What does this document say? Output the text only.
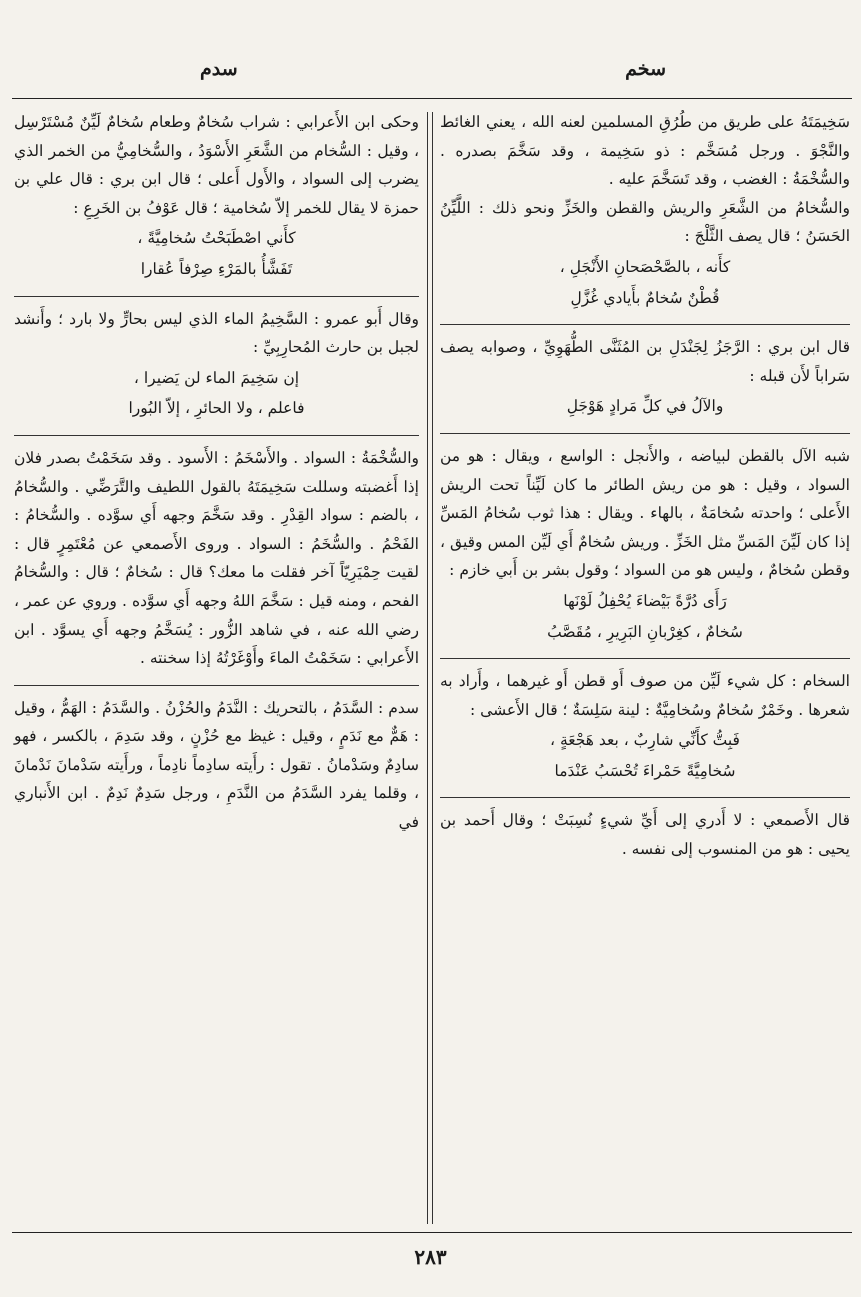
سخم
سدم

سَخِيمَتَهُ على طريق من طُرُقِ المسلمين لعنه الله ، يعني الغائط والنَّجْوَ . ورجل مُسَخَّم : ذو سَخِيمة ، وقد سَخَّمَ بصدره . والسُّخْمَةُ : الغضب ، وقد تَسَخَّمَ عليه .

والسُّخامُ من الشَّعَرِ والريش والقطن والخَزِّ ونحو ذلك : اللَّيِّنُ الحَسَنُ ؛ قال يصف الثَّلْجَ :

كأَنه ، بالصَّحْصَحانِ الأَنْجَلِ ،

قُطْنٌ سُخامٌ بأَيادي غُزَّلِ

قال ابن بري : الرَّجَزُ لِجَنْدَلِ بن المُثَنَّى الطُّهَوِيِّ ، وصوابه يصف سَراباً لأَن قبله :

والآلُ في كلِّ مَرادٍ هَوْجَلِ

شبه الآل بالقطن لبياضه ، والأَنجل : الواسع ، ويقال : هو من السواد ، وقيل : هو من ريش الطائر ما كان لَيِّناً تحت الريش الأَعلى ؛ واحدته سُخامَةٌ ، بالهاء . ويقال : هذا ثوب سُخامُ المَسِّ إذا كان لَيِّنَ المَسِّ مثل الخَزِّ . وريش سُخامٌ أَي لَيِّن المس وقيق ، وقطن سُخامٌ ، وليس هو من السواد ؛ وقول بشر بن أَبي خازم :

رَأَى دُرَّةً بَيْضاءَ يُحْفِلُ لَوْنَها

سُخامٌ ، كغِرْبانِ البَرِيرِ ، مُقَصَّبُ

السخام : كل شيء لَيِّن من صوف أَو قطن أَو غيرهما ، وأَراد به شعرها . وخَمْرٌ سُخامٌ وسُخامِيَّةٌ : لينة سَلِسَةٌ ؛ قال الأَعشى :

فَبِتُّ كأَنِّي شارِبٌ ، بعد هَجْعَةٍ ،

سُخامِيَّةً حَمْراءَ تُحْسَبُ عَنْدَما

قال الأَصمعي : لا أَدري إلى أَيِّ شيءٍ نُسِبَتْ ؛ وقال أَحمد بن يحيى : هو من المنسوب إلى نفسه .

وحكى ابن الأَعرابي : شراب سُخامٌ وطعام سُخامٌ لَيِّنٌ مُسْتَرْسِل ، وقيل : السُّخام من الشَّعَرِ الأَسْوَدُ ، والسُّخامِيُّ من الخمر الذي يضرب إلى السواد ، والأَول أَعلى ؛ قال ابن بري : قال علي بن حمزة لا يقال للخمر إلاّ سُخامية ؛ قال عَوْفُ بن الخَرِعِ :

كأَني اصْطَبَحْتُ سُخامِيَّةً ،

تَفَشَّأُ بالمَرْءِ صِرْفاً عُقارا

وقال أَبو عمرو : السَّخِيمُ الماء الذي ليس بحارٍّ ولا بارد ؛ وأَنشد لجبل بن حارث المُحارِبِيِّ :

إن سَخِيمَ الماء لن يَضيرا ،

فاعلم ، ولا الحائرِ ، إلاّ البُورا

والسُّخْمَةُ : السواد . والأَسْخَمُ : الأَسود . وقد سَخَمْتُ بصدر فلان إذا أَغضبته وسللت سَخِيمَتَهُ بالقول اللطيف والتَّرَضِّي . والسُّخامُ ، بالضم : سواد القِدْرِ . وقد سَخَّمَ وجهه أَي سوَّده . والسُّخامُ : الفَحْمُ . والسُّخَمُ : السواد . وروى الأَصمعي عن مُعْتَمِرٍ قال : لقيت حِمْيَرِيّاً آخر فقلت ما معك؟ قال : سُخامٌ ؛ قال : والسُّخامُ الفحم ، ومنه قيل : سَخَّمَ اللهُ وجهه أَي سوَّده . وروي عن عمر ، رضي الله عنه ، في شاهد الزُّور : يُسَخَّمُ وجهه أَي يسوَّد . ابن الأَعرابي : سَخَمْتُ الماءَ وأَوْغَرْتُهُ إذا سخنته .

سدم : السَّدَمُ ، بالتحريك : النَّدَمُ والحُزْنُ . والسَّدَمُ : الهَمُّ ، وقيل : هَمٌّ مع نَدَمٍ ، وقيل : غيظ مع حُزْنٍ ، وقد سَدِمَ ، بالكسر ، فهو سادِمٌ وسَدْمانُ . تقول : رأَيته سادِماً نادِماً ، ورأَيته سَدْمانَ نَدْمانَ ، وقلما يفرد السَّدَمُ من النَّدَمِ ، ورجل سَدِمٌ نَدِمٌ . ابن الأَنباري في

٢٨٣
